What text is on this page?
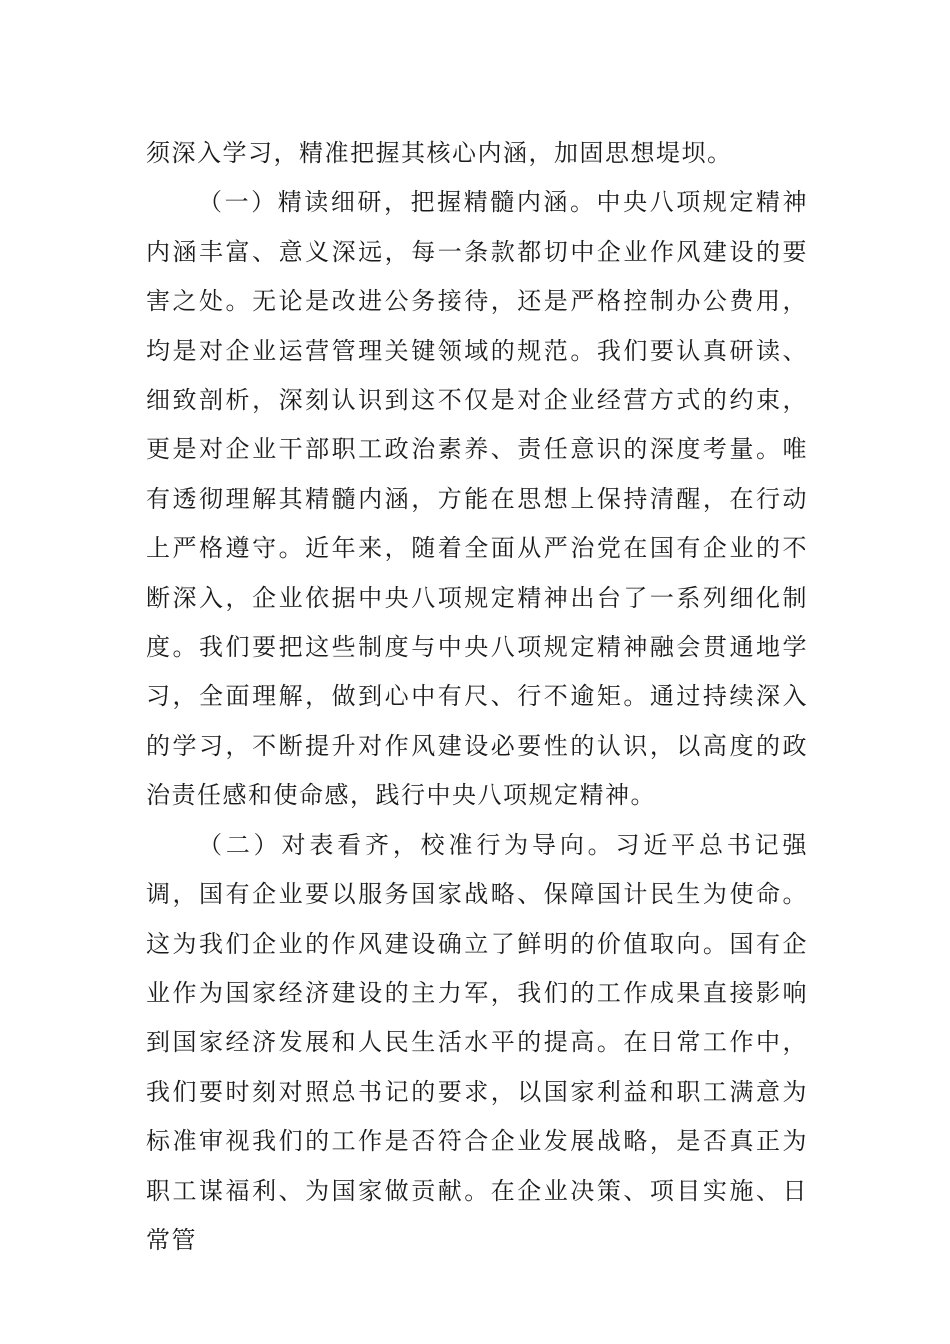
须深入学习，精准把握其核心内涵，加固思想堤坝。

（一）精读细研，把握精髓内涵。中央八项规定精神内涵丰富、意义深远，每一条款都切中企业作风建设的要害之处。无论是改进公务接待，还是严格控制办公费用，均是对企业运营管理关键领域的规范。我们要认真研读、细致剖析，深刻认识到这不仅是对企业经营方式的约束，更是对企业干部职工政治素养、责任意识的深度考量。唯有透彻理解其精髓内涵，方能在思想上保持清醒，在行动上严格遵守。近年来，随着全面从严治党在国有企业的不断深入，企业依据中央八项规定精神出台了一系列细化制度。我们要把这些制度与中央八项规定精神融会贯通地学习，全面理解，做到心中有尺、行不逾矩。通过持续深入的学习，不断提升对作风建设必要性的认识，以高度的政治责任感和使命感，践行中央八项规定精神。

（二）对表看齐，校准行为导向。习近平总书记强调，国有企业要以服务国家战略、保障国计民生为使命。这为我们企业的作风建设确立了鲜明的价值取向。国有企业作为国家经济建设的主力军，我们的工作成果直接影响到国家经济发展和人民生活水平的提高。在日常工作中，我们要时刻对照总书记的要求，以国家利益和职工满意为标准审视我们的工作是否符合企业发展战略，是否真正为职工谋福利、为国家做贡献。在企业决策、项目实施、日常管
